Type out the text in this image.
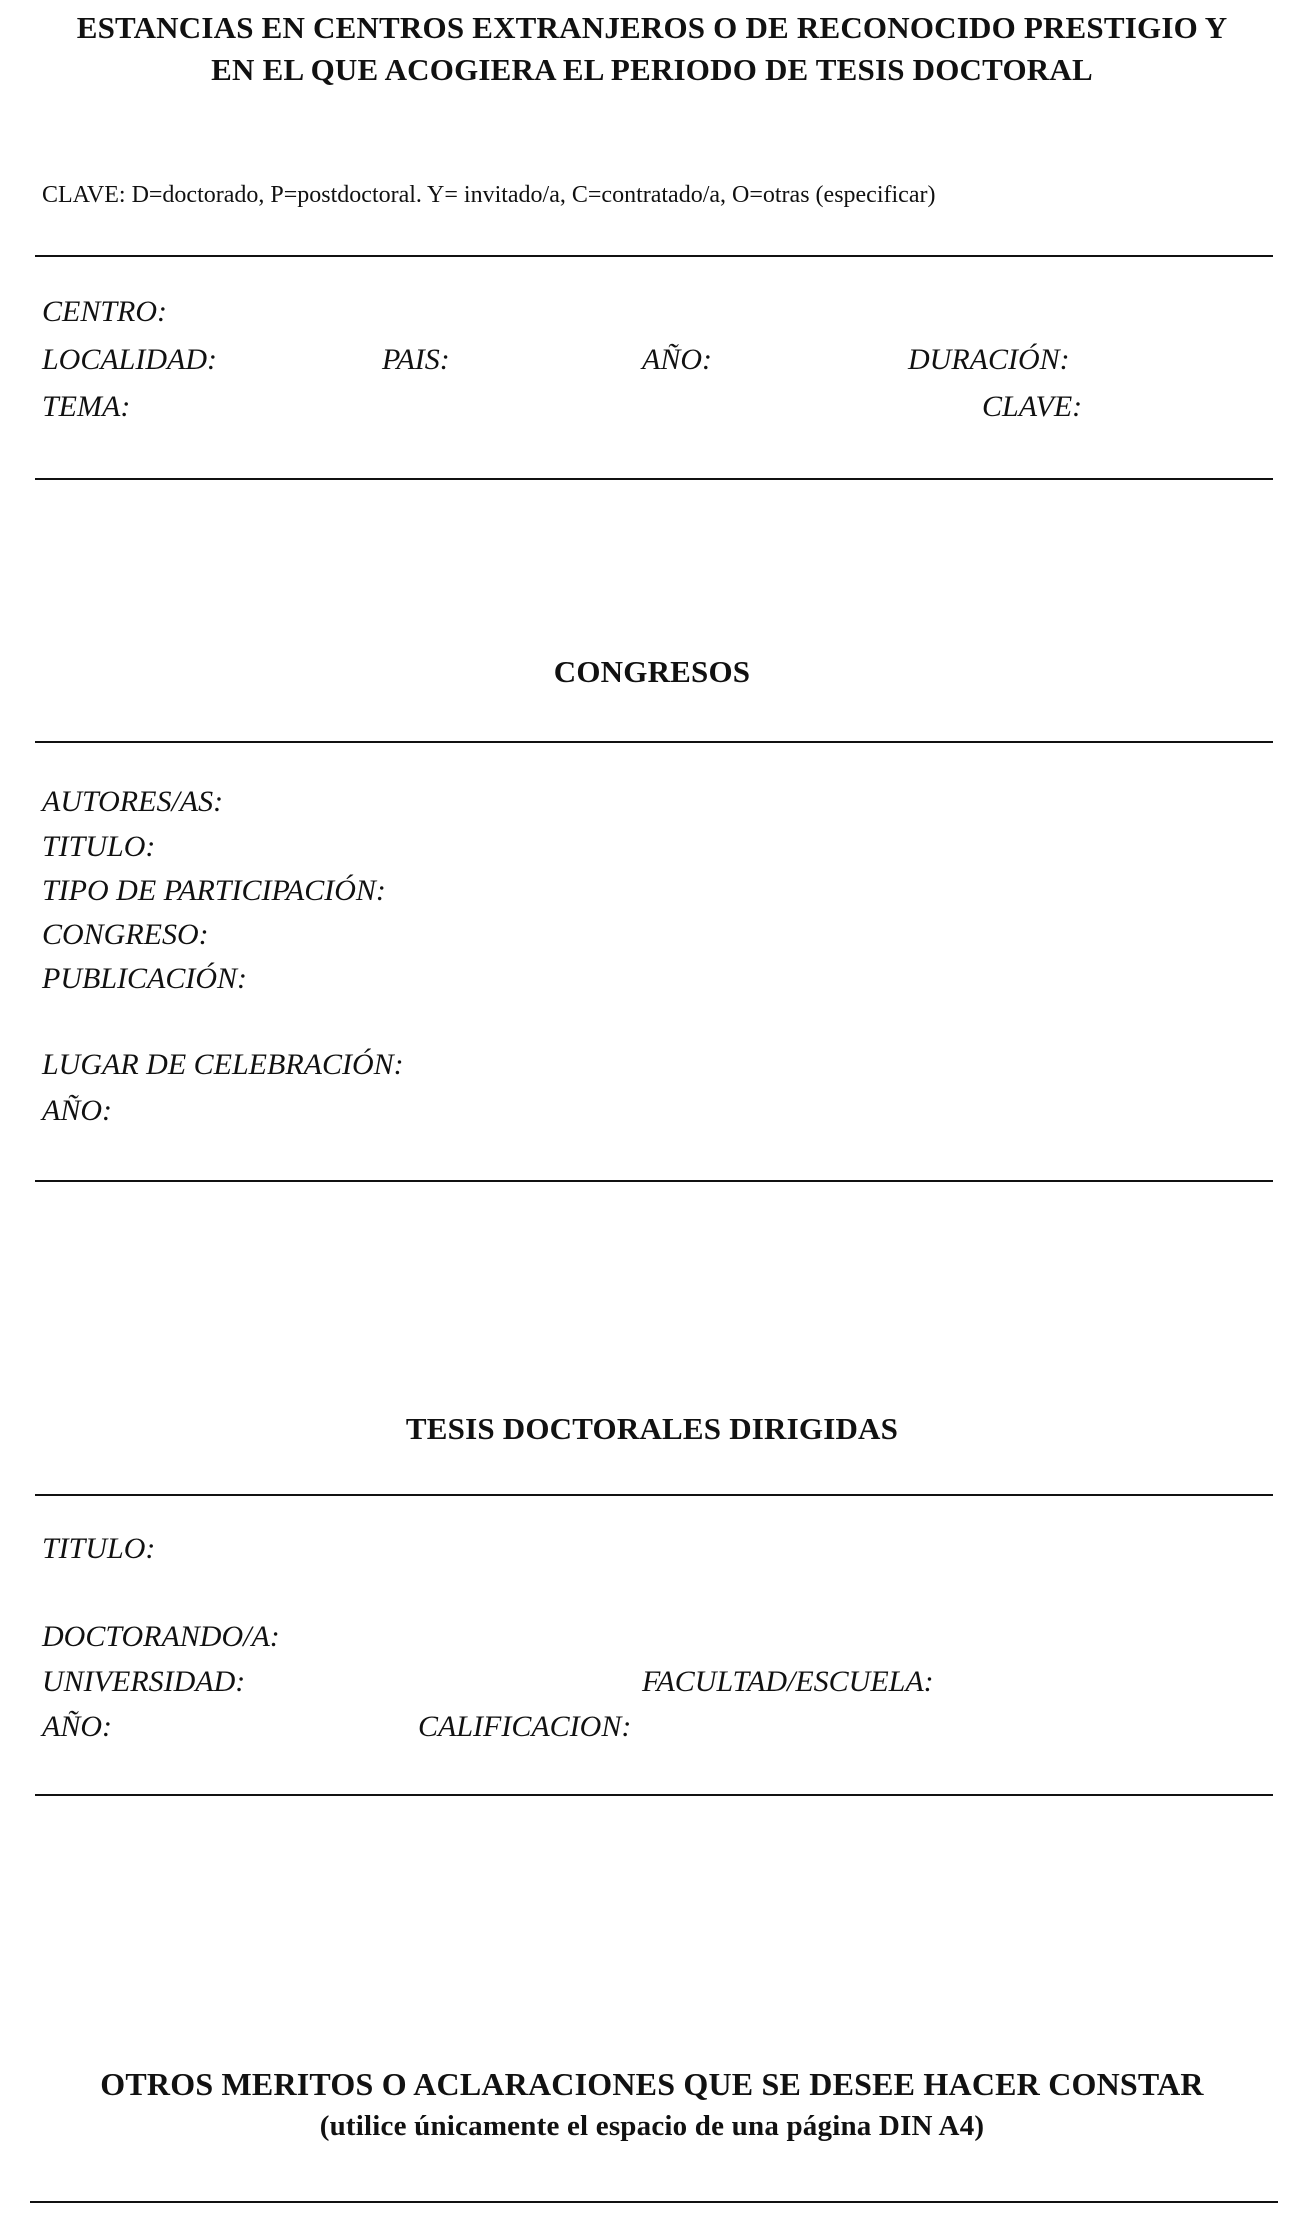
ESTANCIAS EN CENTROS EXTRANJEROS O DE RECONOCIDO PRESTIGIO Y
EN EL QUE ACOGIERA EL PERIODO DE TESIS DOCTORAL
CLAVE: D=doctorado, P=postdoctoral. Y= invitado/a, C=contratado/a, O=otras (especificar)
CENTRO:
LOCALIDAD:	PAIS:	AÑO:	DURACIÓN:
TEMA:	CLAVE:
CONGRESOS
AUTORES/AS:
TITULO:
TIPO DE PARTICIPACIÓN:
CONGRESO:
PUBLICACIÓN:
LUGAR DE CELEBRACIÓN:
AÑO:
TESIS DOCTORALES DIRIGIDAS
TITULO:
DOCTORANDO/A:
UNIVERSIDAD:	FACULTAD/ESCUELA:
AÑO:	CALIFICACION:
OTROS MERITOS O ACLARACIONES QUE SE DESEE HACER CONSTAR
(utilice únicamente el espacio de una página DIN A4)
